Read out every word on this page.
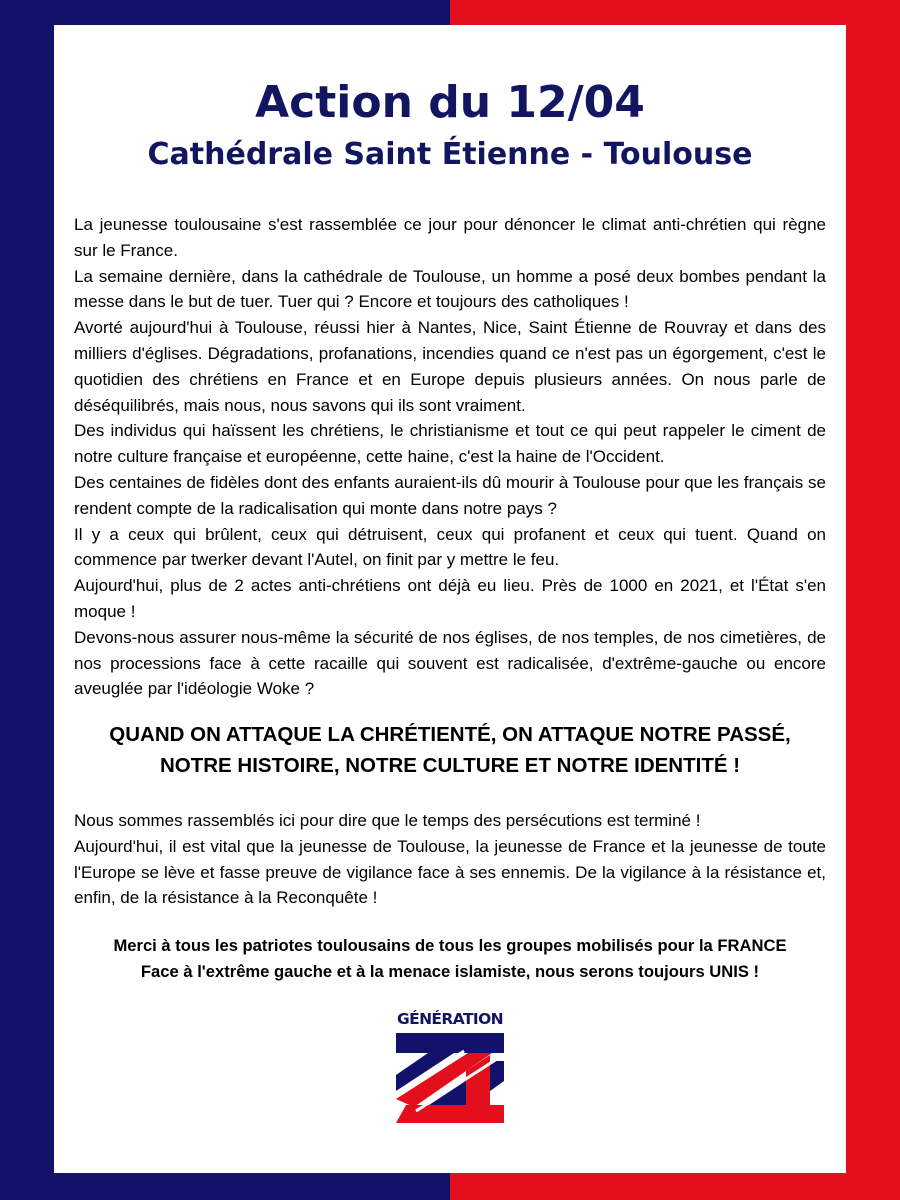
Action du 12/04
Cathédrale Saint Étienne - Toulouse

La jeunesse toulousaine s'est rassemblée ce jour pour dénoncer le climat anti-chrétien qui règne sur le France.

La semaine dernière, dans la cathédrale de Toulouse, un homme a posé deux bombes pendant la messe dans le but de tuer. Tuer qui ? Encore et toujours des catholiques !

Avorté aujourd'hui à Toulouse, réussi hier à Nantes, Nice, Saint Étienne de Rouvray et dans des milliers d'églises. Dégradations, profanations, incendies quand ce n'est pas un égorgement, c'est le quotidien des chrétiens en France et en Europe depuis plusieurs années. On nous parle de déséquilibrés, mais nous, nous savons qui ils sont vraiment.

Des individus qui haïssent les chrétiens, le christianisme et tout ce qui peut rappeler le ciment de notre culture française et européenne, cette haine, c'est la haine de l'Occident.

Des centaines de fidèles dont des enfants auraient-ils dû mourir à Toulouse pour que les français se rendent compte de la radicalisation qui monte dans notre pays ?

Il y a ceux qui brûlent, ceux qui détruisent, ceux qui profanent et ceux qui tuent. Quand on commence par twerker devant l'Autel, on finit par y mettre le feu.

Aujourd'hui, plus de 2 actes anti-chrétiens ont déjà eu lieu. Près de 1000 en 2021, et l'État s'en moque !

Devons-nous assurer nous-même la sécurité de nos églises, de nos temples, de nos cimetières, de nos processions face à cette racaille qui souvent est radicalisée, d'extrême-gauche ou encore aveuglée par l'idéologie Woke ?

QUAND ON ATTAQUE LA CHRÉTIENTÉ, ON ATTAQUE NOTRE PASSÉ,
NOTRE HISTOIRE, NOTRE CULTURE ET NOTRE IDENTITÉ !

Nous sommes rassemblés ici pour dire que le temps des persécutions est terminé !

Aujourd'hui, il est vital que la jeunesse de Toulouse, la jeunesse de France et la jeunesse de toute l'Europe se lève et fasse preuve de vigilance face à ses ennemis. De la vigilance à la résistance et, enfin, de la résistance à la Reconquête !

Merci à tous les patriotes toulousains de tous les groupes mobilisés pour la FRANCE
Face à l'extrême gauche et à la menace islamiste, nous serons toujours UNIS !
GÉNÉRATION
